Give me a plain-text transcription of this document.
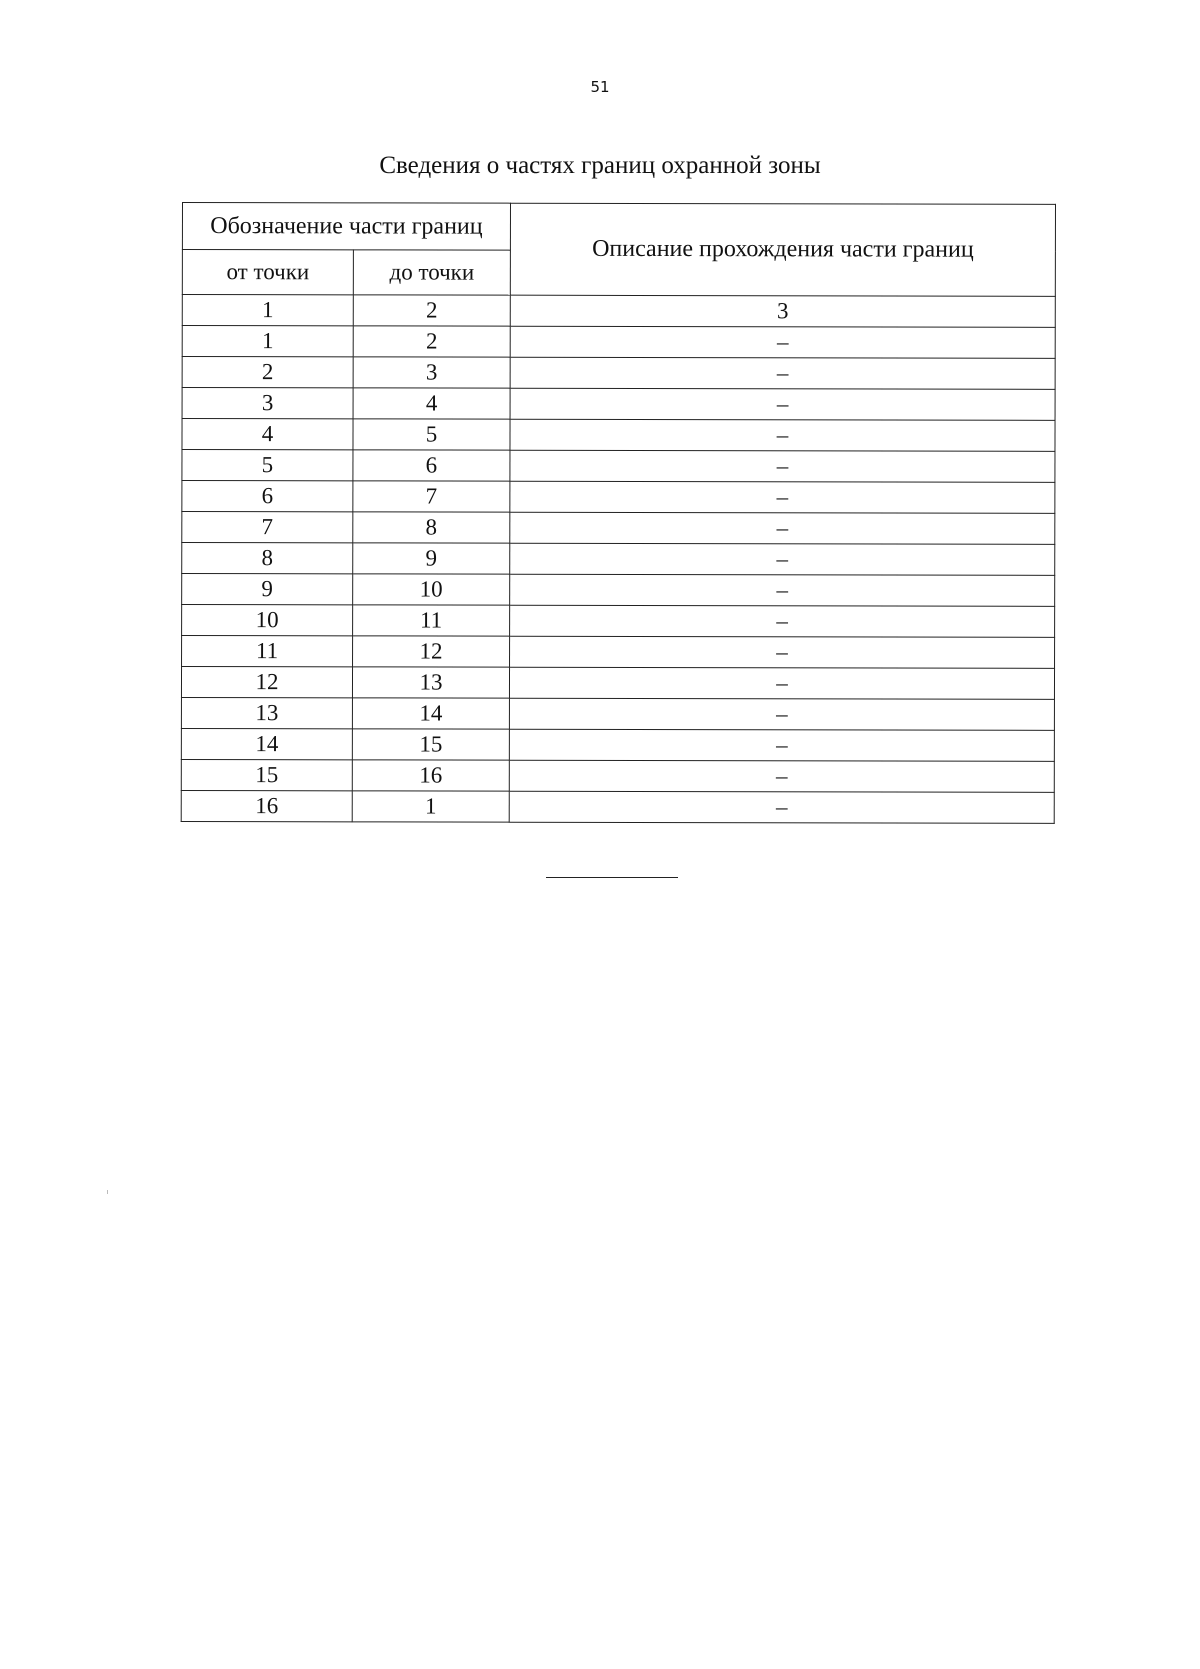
51
Сведения о частях границ охранной зоны
Обозначение части границ		Описание прохождения части границ
от точки	до точки	
1	2	3
1	2	–
2	3	–
3	4	–
4	5	–
5	6	–
6	7	–
7	8	–
8	9	–
9	10	–
10	11	–
11	12	–
12	13	–
13	14	–
14	15	–
15	16	–
16	1	–
